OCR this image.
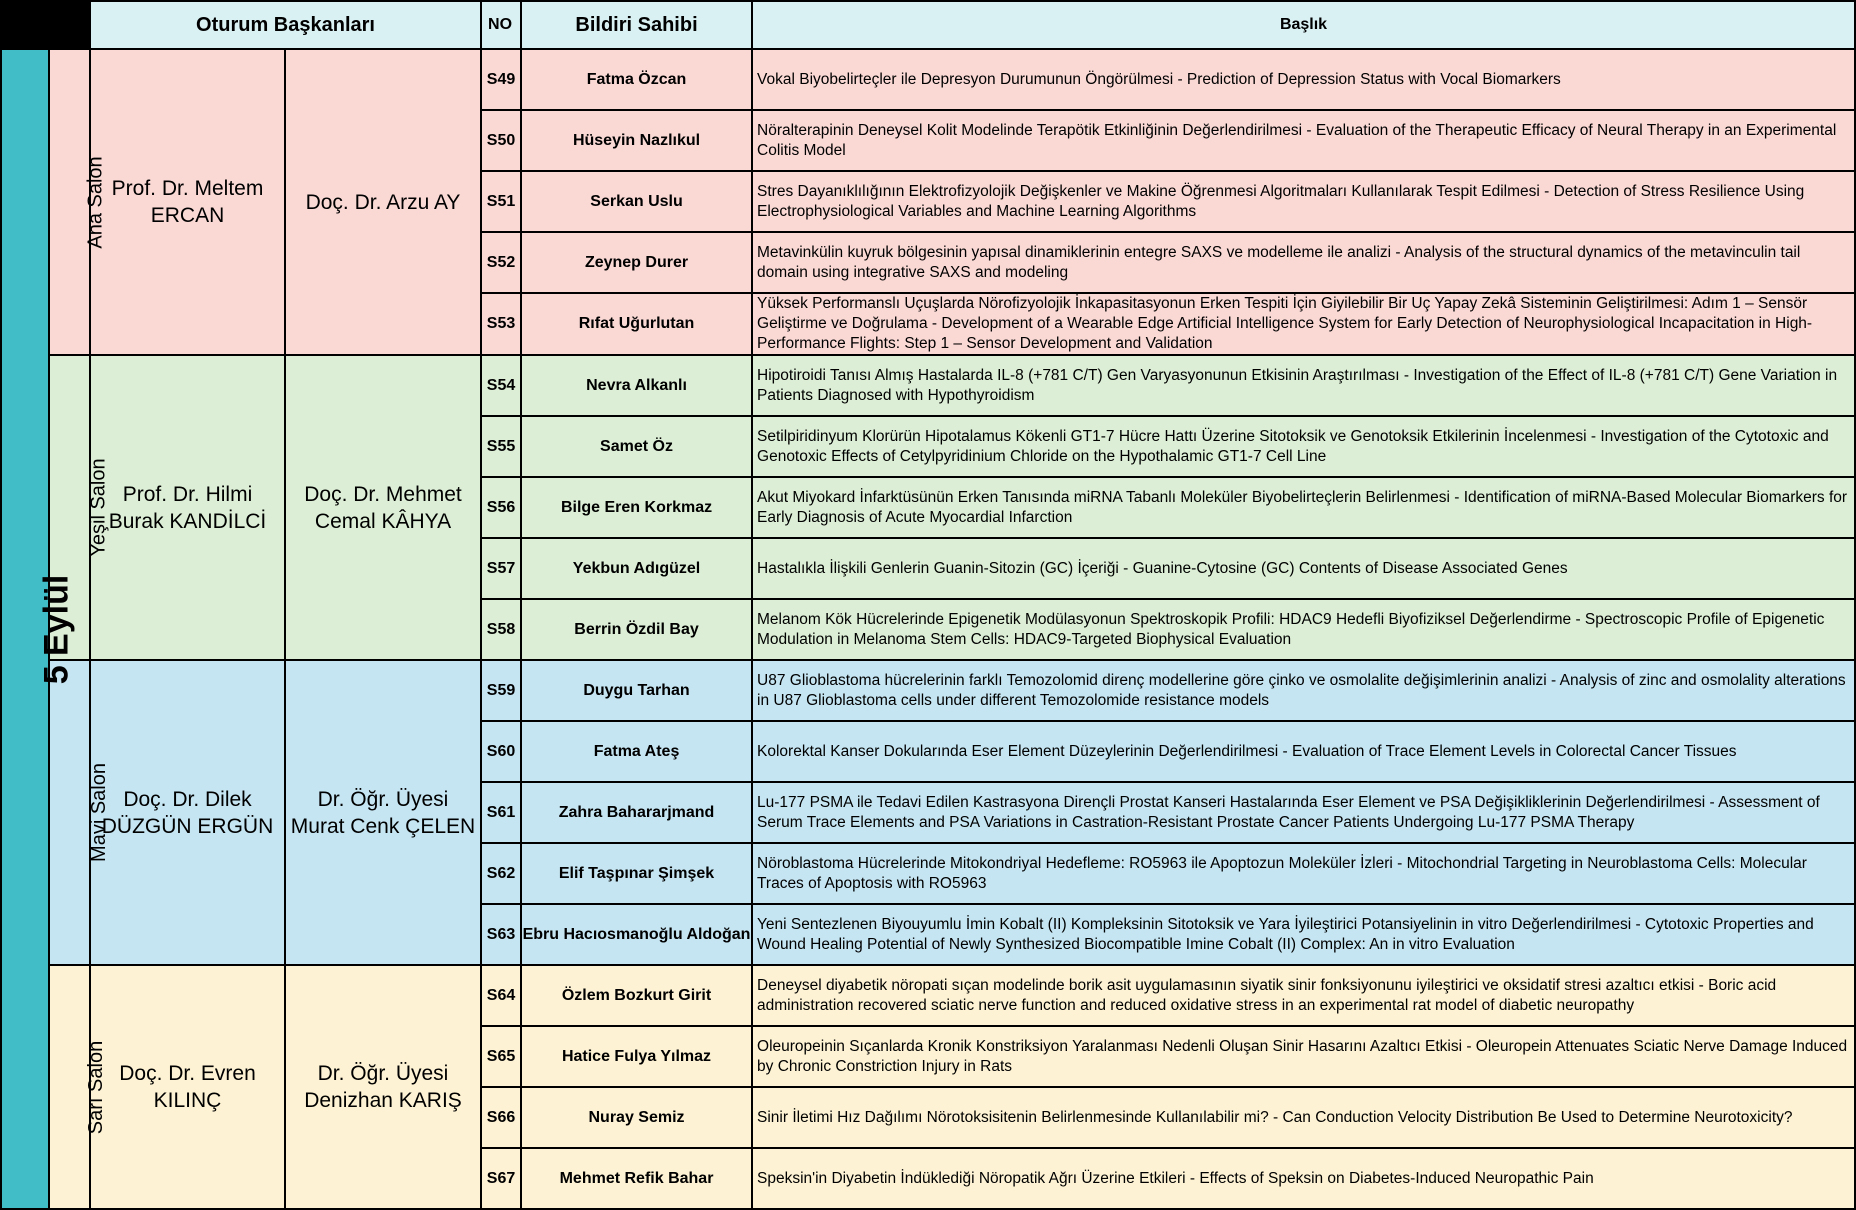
		Oturum Başkanları		NO	Bildiri Sahibi	Başlık
5 Eylül	Ana Salon	Prof. Dr. Meltem ERCAN	Doç. Dr. Arzu AY	S49	Fatma Özcan	Vokal Biyobelirteçler ile Depresyon Durumunun Öngörülmesi - Prediction of Depression Status with Vocal Biomarkers
				S50	Hüseyin Nazlıkul	Nöralterapinin Deneysel Kolit Modelinde Terapötik Etkinliğinin Değerlendirilmesi - Evaluation of the Therapeutic Efficacy of Neural Therapy in an Experimental Colitis Model
				S51	Serkan Uslu	Stres Dayanıklılığının Elektrofizyolojik Değişkenler ve Makine Öğrenmesi Algoritmaları Kullanılarak Tespit Edilmesi - Detection of Stress Resilience Using Electrophysiological Variables and Machine Learning Algorithms
				S52	Zeynep Durer	Metavinkülin kuyruk bölgesinin yapısal dinamiklerinin entegre SAXS ve modelleme ile analizi - Analysis of the structural dynamics of the metavinculin tail domain using integrative SAXS and modeling
				S53	Rıfat Uğurlutan	Yüksek Performanslı Uçuşlarda Nörofizyolojik İnkapasitasyonun Erken Tespiti İçin Giyilebilir Bir Uç Yapay Zekâ Sisteminin Geliştirilmesi: Adım 1 – Sensör Geliştirme ve Doğrulama - Development of a Wearable Edge Artificial Intelligence System for Early Detection of Neurophysiological Incapacitation in High-Performance Flights: Step 1 – Sensor Development and Validation
	Yeşil Salon	Prof. Dr. Hilmi Burak KANDİLCİ	Doç. Dr. Mehmet Cemal KÂHYA	S54	Nevra Alkanlı	Hipotiroidi Tanısı Almış Hastalarda IL-8 (+781 C/T) Gen Varyasyonunun Etkisinin Araştırılması - Investigation of the Effect of IL-8 (+781 C/T) Gene Variation in Patients Diagnosed with Hypothyroidism
				S55	Samet Öz	Setilpiridinyum Klorürün Hipotalamus Kökenli GT1-7 Hücre Hattı Üzerine Sitotoksik ve Genotoksik Etkilerinin İncelenmesi - Investigation of the Cytotoxic and Genotoxic Effects of Cetylpyridinium Chloride on the Hypothalamic GT1-7 Cell Line
				S56	Bilge Eren Korkmaz	Akut Miyokard İnfarktüsünün Erken Tanısında miRNA Tabanlı Moleküler Biyobelirteçlerin Belirlenmesi - Identification of miRNA-Based Molecular Biomarkers for Early Diagnosis of Acute Myocardial Infarction
				S57	Yekbun Adıgüzel	Hastalıkla İlişkili Genlerin Guanin-Sitozin (GC) İçeriği - Guanine-Cytosine (GC) Contents of Disease Associated Genes
				S58	Berrin Özdil Bay	Melanom Kök Hücrelerinde Epigenetik Modülasyonun Spektroskopik Profili: HDAC9 Hedefli Biyofiziksel Değerlendirme - Spectroscopic Profile of Epigenetic Modulation in Melanoma Stem Cells: HDAC9-Targeted Biophysical Evaluation
	Mavi Salon	Doç. Dr. Dilek DÜZGÜN ERGÜN	Dr. Öğr. Üyesi Murat Cenk ÇELEN	S59	Duygu Tarhan	U87 Glioblastoma hücrelerinin farklı Temozolomid direnç modellerine göre çinko ve osmolalite değişimlerinin analizi - Analysis of zinc and osmolality alterations in U87 Glioblastoma cells under different Temozolomide resistance models
				S60	Fatma Ateş	Kolorektal Kanser Dokularında Eser Element Düzeylerinin Değerlendirilmesi - Evaluation of Trace Element Levels in Colorectal Cancer Tissues
				S61	Zahra Bahararjmand	Lu-177 PSMA ile Tedavi Edilen Kastrasyona Dirençli Prostat Kanseri Hastalarında Eser Element ve PSA Değişikliklerinin Değerlendirilmesi - Assessment of Serum Trace Elements and PSA Variations in Castration-Resistant Prostate Cancer Patients Undergoing Lu-177 PSMA Therapy
				S62	Elif Taşpınar Şimşek	Nöroblastoma Hücrelerinde Mitokondriyal Hedefleme: RO5963 ile Apoptozun Moleküler İzleri - Mitochondrial Targeting in Neuroblastoma Cells: Molecular Traces of Apoptosis with RO5963
				S63	Ebru Hacıosmanoğlu Aldoğan	Yeni Sentezlenen Biyouyumlu İmin Kobalt (II) Kompleksinin Sitotoksik ve Yara İyileştirici Potansiyelinin in vitro Değerlendirilmesi - Cytotoxic Properties and Wound Healing Potential of Newly Synthesized Biocompatible Imine Cobalt (II) Complex: An in vitro Evaluation
	Sarı Salon	Doç. Dr. Evren KILINÇ	Dr. Öğr. Üyesi Denizhan KARIŞ	S64	Özlem Bozkurt Girit	Deneysel diyabetik nöropati sıçan modelinde borik asit uygulamasının siyatik sinir fonksiyonunu iyileştirici ve oksidatif stresi azaltıcı etkisi - Boric acid administration recovered sciatic nerve function and reduced oxidative stress in an experimental rat model of diabetic neuropathy
				S65	Hatice Fulya Yılmaz	Oleuropeinin Sıçanlarda Kronik Konstriksiyon Yaralanması Nedenli Oluşan Sinir Hasarını Azaltıcı Etkisi - Oleuropein Attenuates Sciatic Nerve Damage Induced by Chronic Constriction Injury in Rats
				S66	Nuray Semiz	Sinir İletimi Hız Dağılımı Nörotoksisitenin Belirlenmesinde Kullanılabilir mi? - Can Conduction Velocity Distribution Be Used to Determine Neurotoxicity?
				S67	Mehmet Refik Bahar	Speksin'in Diyabetin İndüklediği Nöropatik Ağrı Üzerine Etkileri - Effects of Speksin on Diabetes-Induced Neuropathic Pain
